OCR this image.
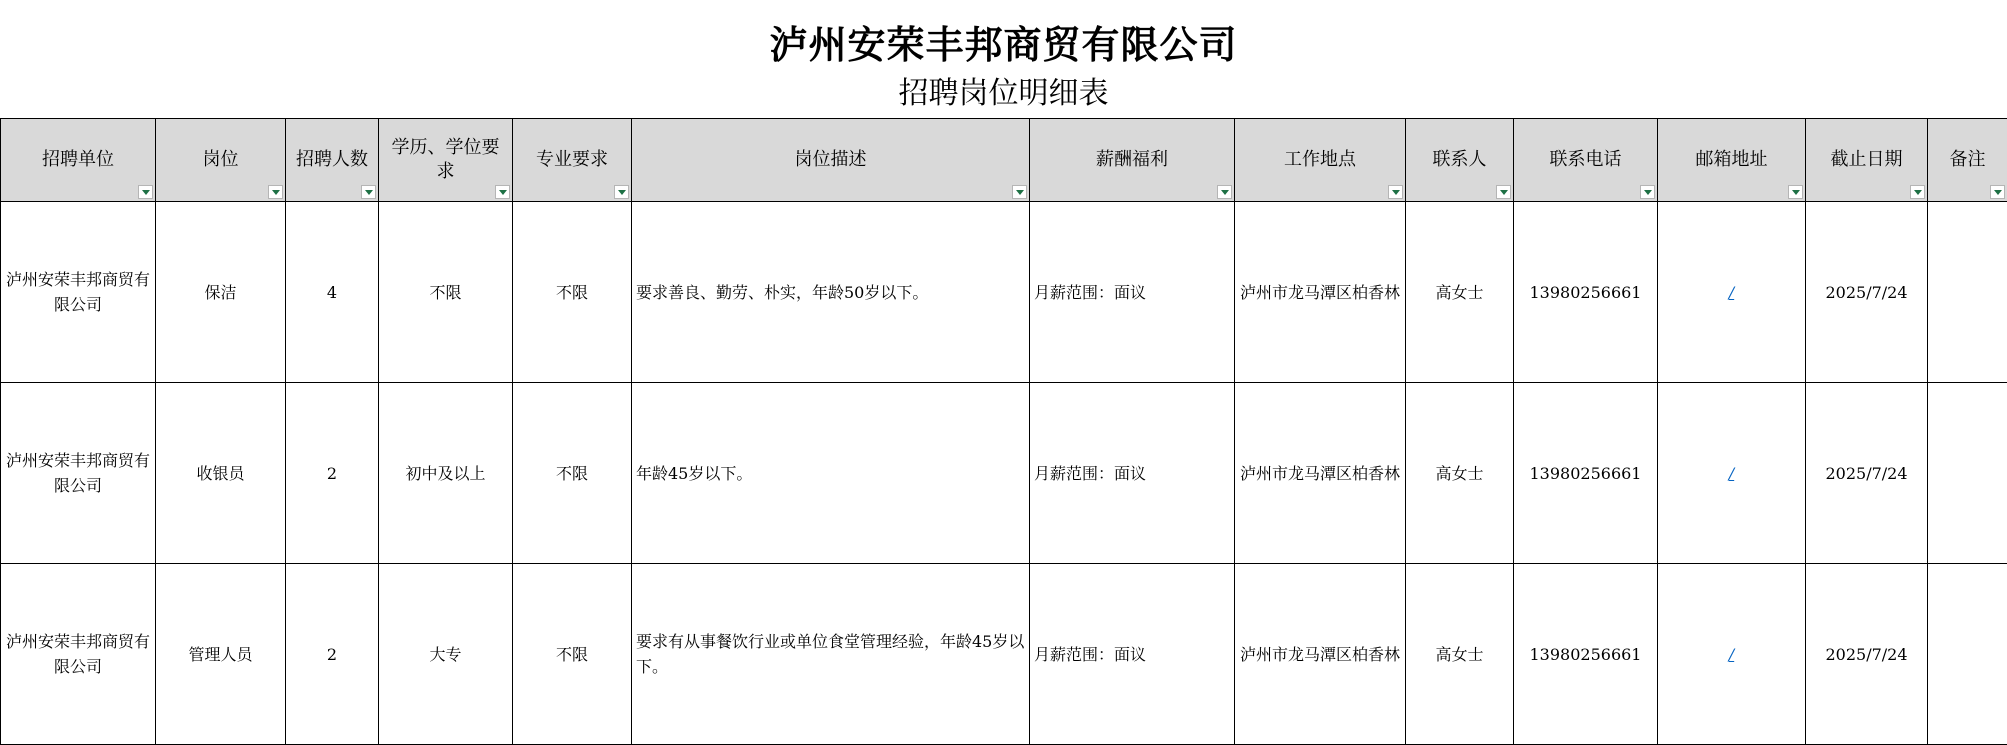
泸州安荣丰邦商贸有限公司
招聘岗位明细表
招聘单位	岗位	招聘人数	学历、学位要求	专业要求	岗位描述	薪酬福利	工作地点	联系人	联系电话	邮箱地址	截止日期	备注

泸州安荣丰邦商贸有限公司	保洁	4	不限	不限	要求善良、勤劳、朴实，年龄50岁以下。	月薪范围：面议	泸州市龙马潭区柏香林	高女士	13980256661	/	2025/7/24	
泸州安荣丰邦商贸有限公司	收银员	2	初中及以上	不限	年龄45岁以下。	月薪范围：面议	泸州市龙马潭区柏香林	高女士	13980256661	/	2025/7/24	
泸州安荣丰邦商贸有限公司	管理人员	2	大专	不限	要求有从事餐饮行业或单位食堂管理经验，年龄45岁以下。	月薪范围：面议	泸州市龙马潭区柏香林	高女士	13980256661	/	2025/7/24	
